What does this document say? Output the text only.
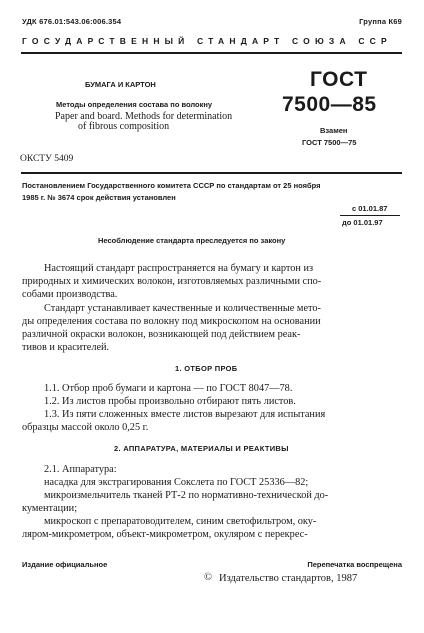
УДК 676.01:543.06:006.354	Группа К69
ГОСУДАРСТВЕННЫЙ СТАНДАРТ СОЮЗА ССР
БУМАГА И КАРТОН
Методы определения состава по волокну
Paper and board. Methods for determination
of fibrous composition
ГОСТ
7500—85
Взамен
ГОСТ 7500—75
ОКСТУ 5409
Постановлением Государственного комитета СССР по стандартам от 25 ноября
1985 г. № 3674 срок действия установлен
с 01.01.87
до 01.01.97
Несоблюдение стандарта преследуется по закону
Настоящий стандарт распространяется на бумагу и картон из
природных и химических волокон, изготовляемых различными спо-
собами производства.
Стандарт устанавливает качественные и количественные мето-
ды определения состава по волокну под микроскопом на основании
различной окраски волокон, возникающей под действием реак-
тивов и красителей.
1. ОТБОР ПРОБ
1.1. Отбор проб бумаги и картона — по ГОСТ 8047—78.
1.2. Из листов пробы произвольно отбирают пять листов.
1.3. Из пяти сложенных вместе листов вырезают для испытания
образцы массой около 0,25 г.
2. АППАРАТУРА, МАТЕРИАЛЫ И РЕАКТИВЫ
2.1. Аппаратура:
насадка для экстрагирования Сокслета по ГОСТ 25336—82;
микроизмельчитель тканей РТ-2 по нормативно-технической до-
кументации;
микроскоп с препаратоводителем, синим светофильтром, оку-
ляром-микрометром, объект-микрометром, окуляром с перекрес-
Издание официальное	Перепечатка воспрещена
© Издательство стандартов, 1987
